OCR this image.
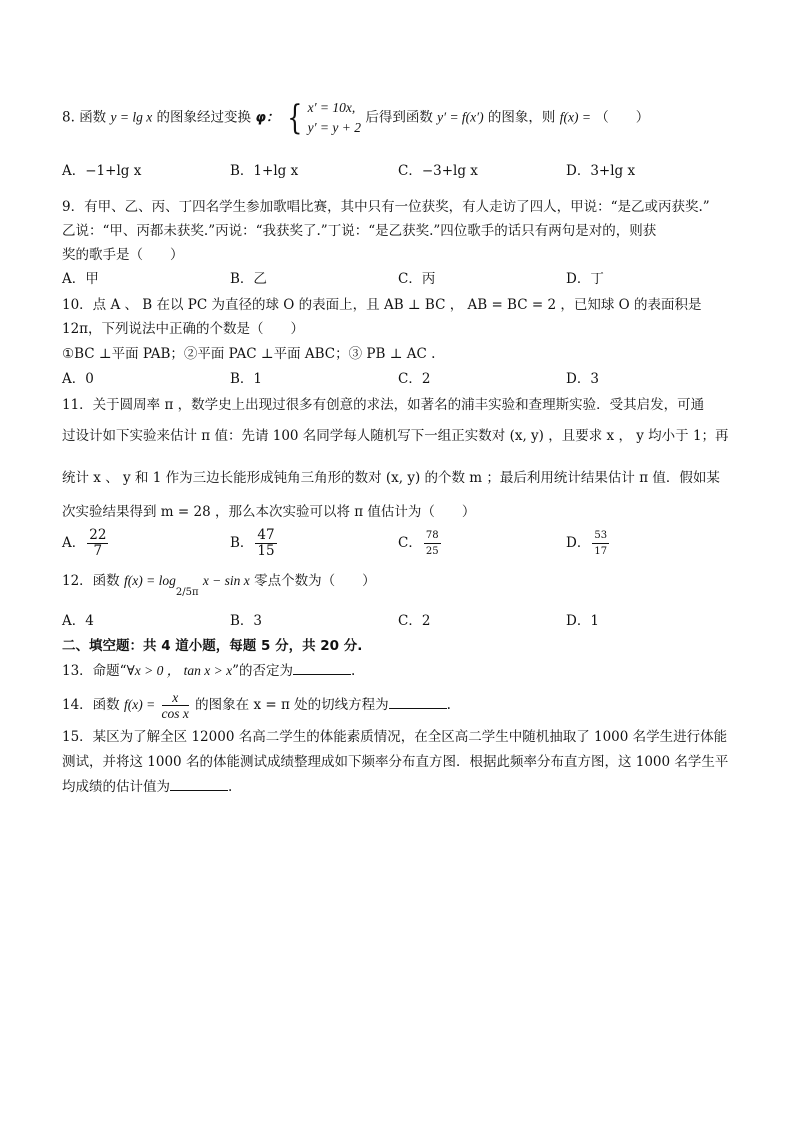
8. 函数 y = lg x 的图象经过变换 φ： { x′ = 10x,
y′ = y + 2
后得到函数 y′ = f(x′) 的图象，则 f(x) = （　　）
A．−1+lg x	B．1+lg x	C．−3+lg x	D．3+lg x
9．有甲、乙、丙、丁四名学生参加歌唱比赛，其中只有一位获奖，有人走访了四人，甲说：“是乙或丙获奖.”
乙说：“甲、丙都未获奖.”丙说：“我获奖了.”丁说：“是乙获奖.”四位歌手的话只有两句是对的，则获
奖的歌手是（　　）
A．甲	B．乙	C．丙	D．丁
10．点 A 、 B 在以 PC 为直径的球 O 的表面上，且 AB ⊥ BC ， AB = BC = 2 ，已知球 O 的表面积是
12π，下列说法中正确的个数是（　　）
①BC ⊥平面 PAB；②平面 PAC ⊥平面 ABC；③ PB ⊥ AC .
A．0	B．1	C．2	D．3
11．关于圆周率 π ，数学史上出现过很多有创意的求法，如著名的浦丰实验和查理斯实验．受其启发，可通
过设计如下实验来估计 π 值：先请 100 名同学每人随机写下一组正实数对 (x, y) ，且要求 x ， y 均小于 1；再
统计 x 、 y 和 1 作为三边长能形成钝角三角形的数对 (x, y) 的个数 m ；最后利用统计结果估计 π 值．假如某
次实验结果得到 m = 28 ，那么本次实验可以将 π 值估计为（　　）
A． $\frac{22}{7}$	B． $\frac{47}{15}$	C． $\frac{78}{25}$	D． $\frac{53}{17}$
12．函数 $f(x) = \log_{2/5\pi} x - \sin x$ 零点个数为（　　）
A．4	B．3	C．2	D．1
二、填空题：共 4 道小题，每题 5 分，共 20 分.
13．命题“∀x > 0 ， tan x > x”的否定为	.
14．函数 $f(x) = \frac{x}{\text{cos x}}$ 的图象在 x = π 处的切线方程为	.
15．某区为了解全区 12000 名高二学生的体能素质情况，在全区高二学生中随机抽取了 1000 名学生进行体能
测试，并将这 1000 名的体能测试成绩整理成如下频率分布直方图．根据此频率分布直方图，这 1000 名学生平
均成绩的估计值为	.
